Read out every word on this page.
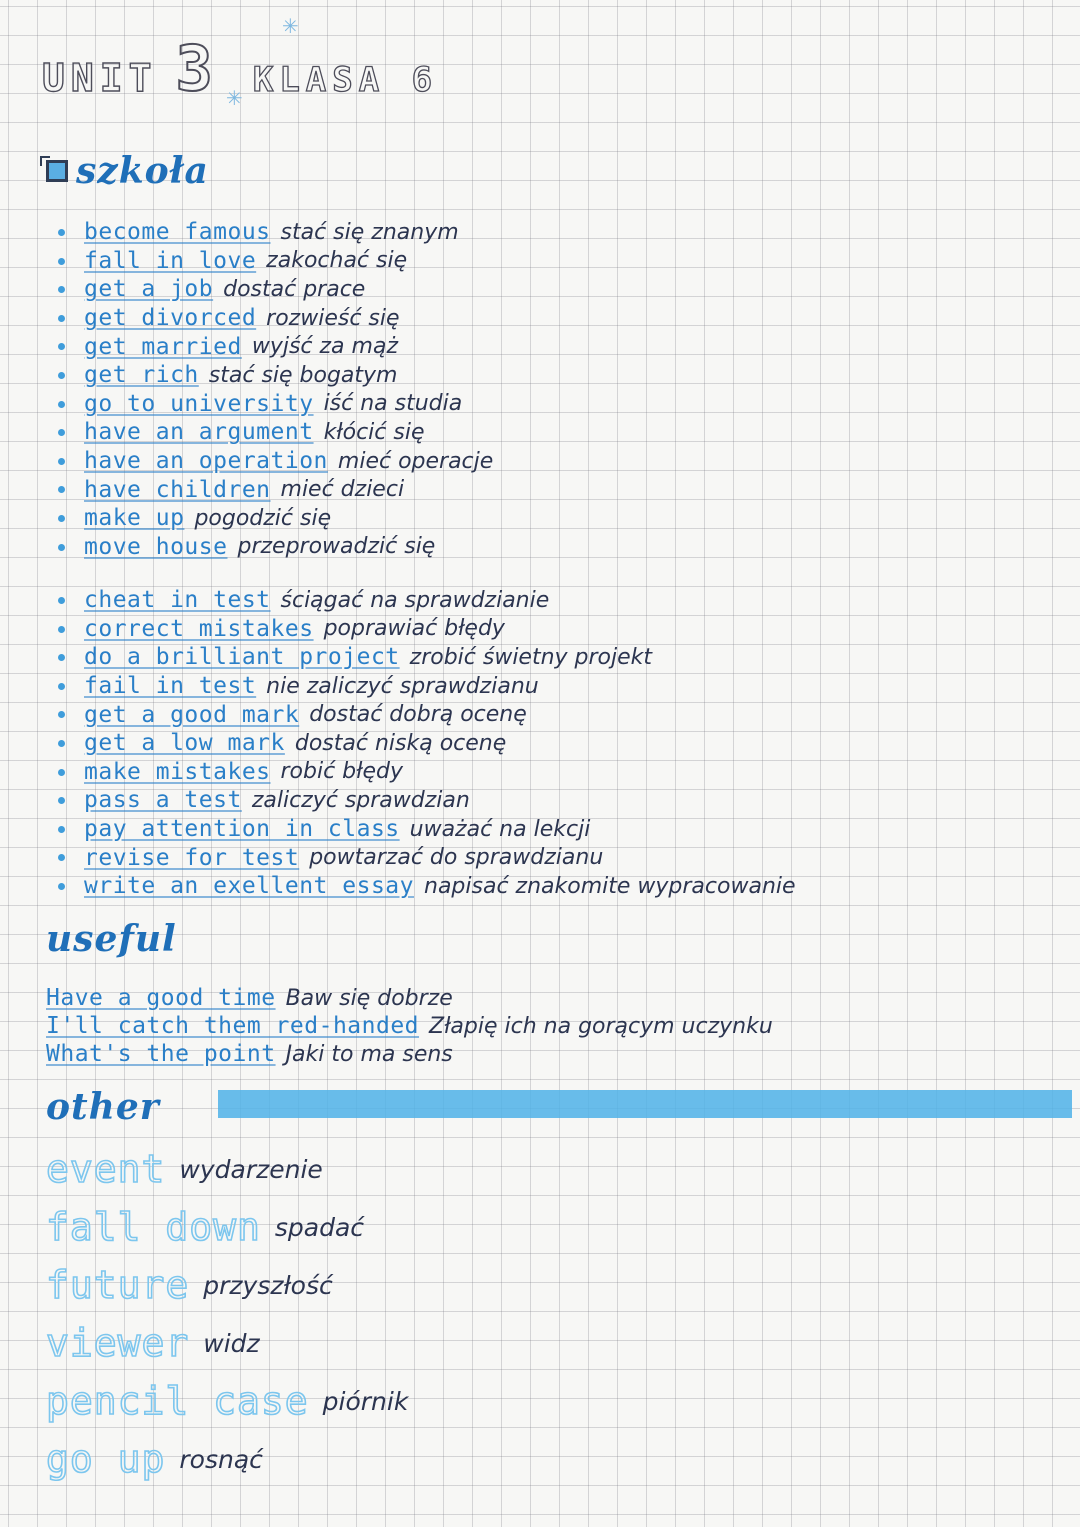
UNIT 3 KLASA 6
✳
✳
szkoła
become famous stać się znanym
fall in love zakochać się
get a job dostać prace
get divorced rozwieść się
get married wyjść za mąż
get rich stać się bogatym
go to university iść na studia
have an argument kłócić się
have an operation mieć operacje
have children mieć dzieci
make up pogodzić się
move house przeprowadzić się
cheat in test ściągać na sprawdzianie
correct mistakes poprawiać błędy
do a brilliant project zrobić świetny projekt
fail in test nie zaliczyć sprawdzianu
get a good mark dostać dobrą ocenę
get a low mark dostać niską ocenę
make mistakes robić błędy
pass a test zaliczyć sprawdzian
pay attention in class uważać na lekcji
revise for test powtarzać do sprawdzianu
write an exellent essay napisać znakomite wypracowanie
useful
Have a good time Baw się dobrze
I'll catch them red-handed Złapię ich na gorącym uczynku
What's the point Jaki to ma sens
other
event wydarzenie
fall down spadać
future przyszłość
viewer widz
pencil case piórnik
go up rosnąć
